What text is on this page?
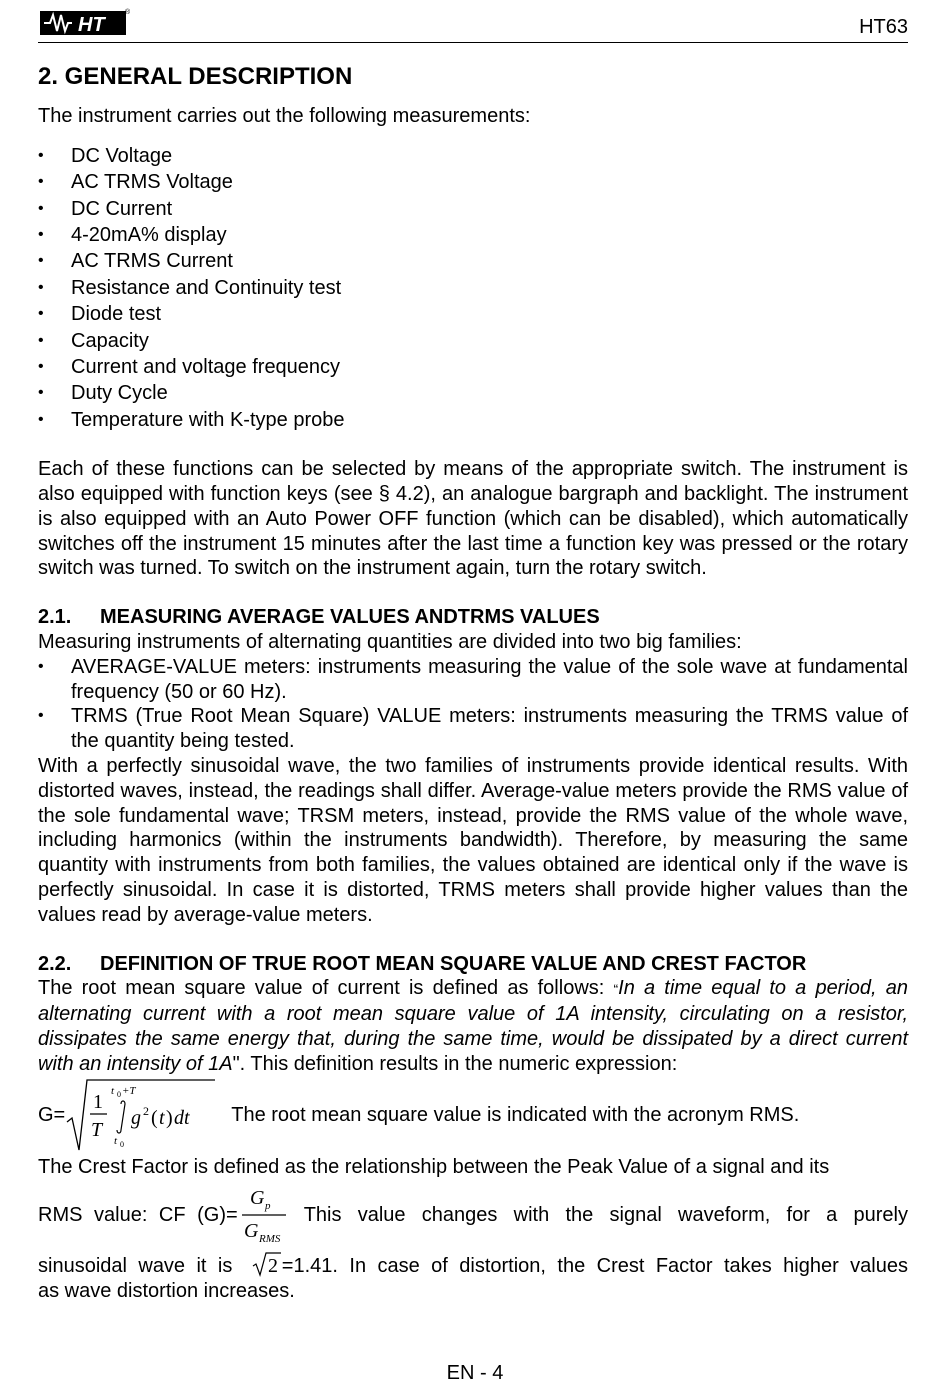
HT
®
HT63
2. GENERAL DESCRIPTION

The instrument carries out the following measurements:

• DC Voltage
• AC TRMS Voltage
• DC Current
• 4-20mA% display
• AC TRMS Current
• Resistance and Continuity test
• Diode test
• Capacity
• Current and voltage frequency
• Duty Cycle
• Temperature with K-type probe

Each of these functions can be selected by means of the appropriate switch. The instrument is also equipped with function keys (see § 4.2), an analogue bargraph and backlight. The instrument is also equipped with an Auto Power OFF function (which can be disabled), which automatically switches off the instrument 15 minutes after the last time a function key was pressed or the rotary switch was turned. To switch on the instrument again, turn the rotary switch.

2.1. MEASURING AVERAGE VALUES ANDTRMS VALUES

Measuring instruments of alternating quantities are divided into two big families:

• AVERAGE-VALUE meters: instruments measuring the value of the sole wave at fundamental frequency (50 or 60 Hz).
• TRMS (True Root Mean Square) VALUE meters: instruments measuring the TRMS value of the quantity being tested.

With a perfectly sinusoidal wave, the two families of instruments provide identical results. With distorted waves, instead, the readings shall differ. Average-value meters provide the RMS value of the sole fundamental wave; TRSM meters, instead, provide the RMS value of the whole wave, including harmonics (within the instruments bandwidth). Therefore, by measuring the same quantity with instruments from both families, the values obtained are identical only if the wave is perfectly sinusoidal. In case it is distorted, TRMS meters shall provide higher values than the values read by average-value meters.

2.2. DEFINITION OF TRUE ROOT MEAN SQUARE VALUE AND CREST FACTOR

The root mean square value of current is defined as follows: “In a time equal to a period, an alternating current with a root mean square value of 1A intensity, circulating on a resistor, dissipates the same energy that, during the same time, would be dissipated by a direct current with an intensity of 1A". This definition results in the numeric expression:

G=
1
T
t 0 +T
t 0
g 2 ( t ) dt The root mean square value is indicated with the acronym RMS.

The Crest Factor is defined as the relationship between the Peak Value of a signal and its

RMS value: CF (G)=
G p
G RMS
This value changes with the signal waveform, for a purely

sinusoidal wave it is 2 =1.41. In case of distortion, the Crest Factor takes higher values

as wave distortion increases.

EN - 4
